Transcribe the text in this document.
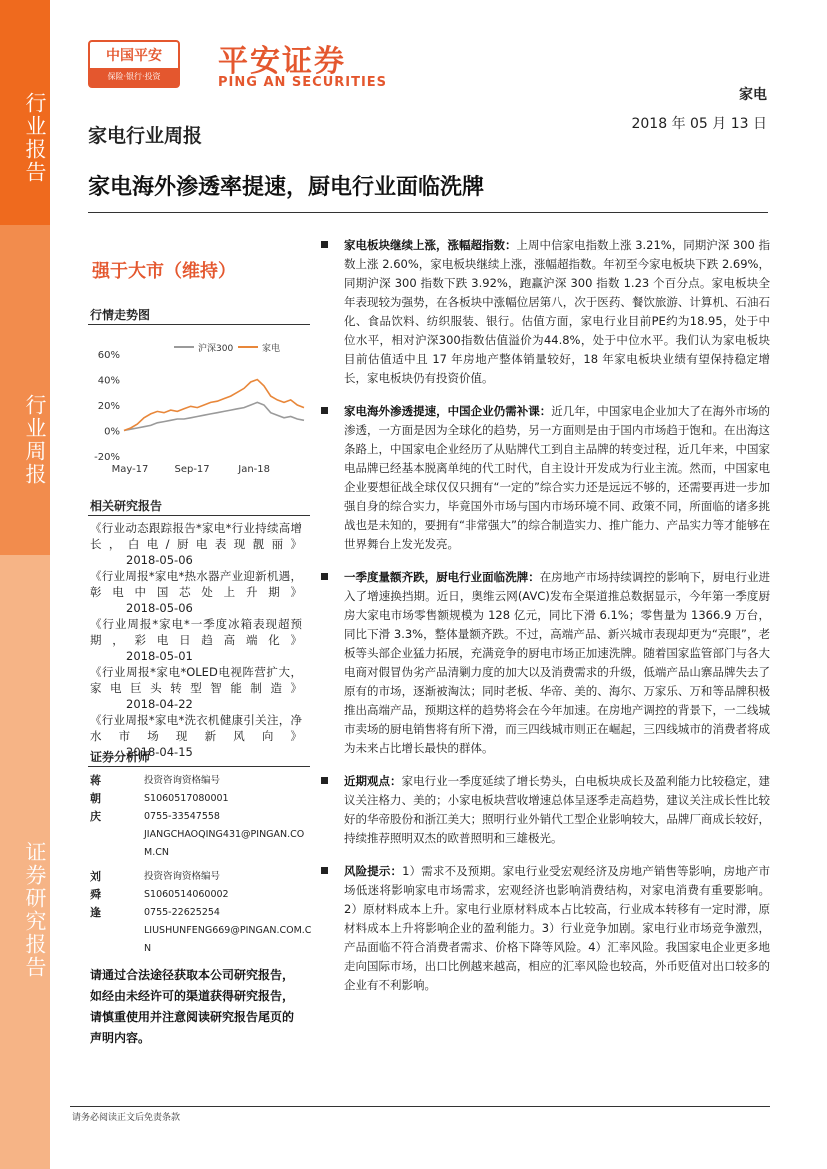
行业报告
行业周报
证券研究报告
中国平安
保险·银行·投资	平安证券
PING AN SECURITIES
家电
2018 年 05 月 13 日
家电行业周报
家电海外渗透率提速，厨电行业面临洗牌
强于大市（维持）
行情走势图
60%
40%
20%
0%
-20%
May-17	Sep-17	Jan-18
沪深300	家电
相关研究报告
《行业动态跟踪报告*家电*行业持续高增长，白电/厨电表现靓丽》
2018-05-06
《行业周报*家电*热水器产业迎新机遇，彰电中国芯处上升期》
2018-05-06
《行业周报*家电*一季度冰箱表现超预期，彩电日趋高端化》
2018-05-01
《行业周报*家电*OLED电视阵营扩大，家电巨头转型智能制造》
2018-04-22
《行业周报*家电*洗衣机健康引关注，净水市场现新风向》
2018-04-15
证券分析师
蒋朝庆
投资咨询资格编号
S1060517080001
0755-33547558
JIANGCHAOQING431@PINGAN.COM.CN
刘舜逢
投资咨询资格编号
S1060514060002
0755-22625254
LIUSHUNFENG669@PINGAN.COM.CN
请通过合法途径获取本公司研究报告，如经由未经许可的渠道获得研究报告，请慎重使用并注意阅读研究报告尾页的声明内容。
家电板块继续上涨，涨幅超指数：上周中信家电指数上涨 3.21%，同期沪深 300 指数上涨 2.60%，家电板块继续上涨，涨幅超指数。年初至今家电板块下跌 2.69%，同期沪深 300 指数下跌 3.92%，跑赢沪深 300 指数 1.23 个百分点。家电板块全年表现较为强势，在各板块中涨幅位居第八，次于医药、餐饮旅游、计算机、石油石化、食品饮料、纺织服装、银行。估值方面，家电行业目前PE约为18.95，处于中位水平，相对沪深300指数估值溢价为44.8%，处于中位水平。我们认为家电板块目前估值适中且 17 年房地产整体销量较好，18 年家电板块业绩有望保持稳定增长，家电板块仍有投资价值。
家电海外渗透提速，中国企业仍需补课：近几年，中国家电企业加大了在海外市场的渗透，一方面是因为全球化的趋势，另一方面则是由于国内市场趋于饱和。在出海这条路上，中国家电企业经历了从贴牌代工到自主品牌的转变过程，近几年来，中国家电品牌已经基本脱离单纯的代工时代，自主设计开发成为行业主流。然而，中国家电企业要想征战全球仅仅只拥有“一定的”综合实力还是远远不够的，还需要再进一步加强自身的综合实力，毕竟国外市场与国内市场环境不同、政策不同，所面临的诸多挑战也是未知的，要拥有“非常强大”的综合制造实力、推广能力、产品实力等才能够在世界舞台上发光发亮。
一季度量额齐跌，厨电行业面临洗牌：在房地产市场持续调控的影响下，厨电行业进入了增速换挡期。近日，奥维云网(AVC)发布全渠道推总数据显示，今年第一季度厨房大家电市场零售额规模为 128 亿元，同比下滑 6.1%；零售量为 1366.9 万台，同比下滑 3.3%，整体量额齐跌。不过，高端产品、新兴城市表现却更为“亮眼”，老板等头部企业猛力拓展，充满竞争的厨电市场正加速洗牌。随着国家监管部门与各大电商对假冒伪劣产品清剿力度的加大以及消费需求的升级，低端产品山寨品牌失去了原有的市场，逐渐被淘汰；同时老板、华帝、美的、海尔、万家乐、万和等品牌积极推出高端产品，预期这样的趋势将会在今年加速。在房地产调控的背景下，一二线城市卖场的厨电销售将有所下滑，而三四线城市则正在崛起，三四线城市的消费者将成为未来占比增长最快的群体。
近期观点：家电行业一季度延续了增长势头，白电板块成长及盈利能力比较稳定，建议关注格力、美的；小家电板块营收增速总体呈逐季走高趋势，建议关注成长性比较好的华帝股份和浙江美大；照明行业外销代工型企业影响较大，品牌厂商成长较好，持续推荐照明双杰的欧普照明和三雄极光。
风险提示：1）需求不及预期。家电行业受宏观经济及房地产销售等影响，房地产市场低迷将影响家电市场需求，宏观经济也影响消费结构，对家电消费有重要影响。2）原材料成本上升。家电行业原材料成本占比较高，行业成本转移有一定时滞，原材料成本上升将影响企业的盈利能力。3）行业竞争加剧。家电行业市场竞争激烈，产品面临不符合消费者需求、价格下降等风险。4）汇率风险。我国家电企业更多地走向国际市场，出口比例越来越高，相应的汇率风险也较高，外币贬值对出口较多的企业有不利影响。
请务必阅读正文后免责条款
